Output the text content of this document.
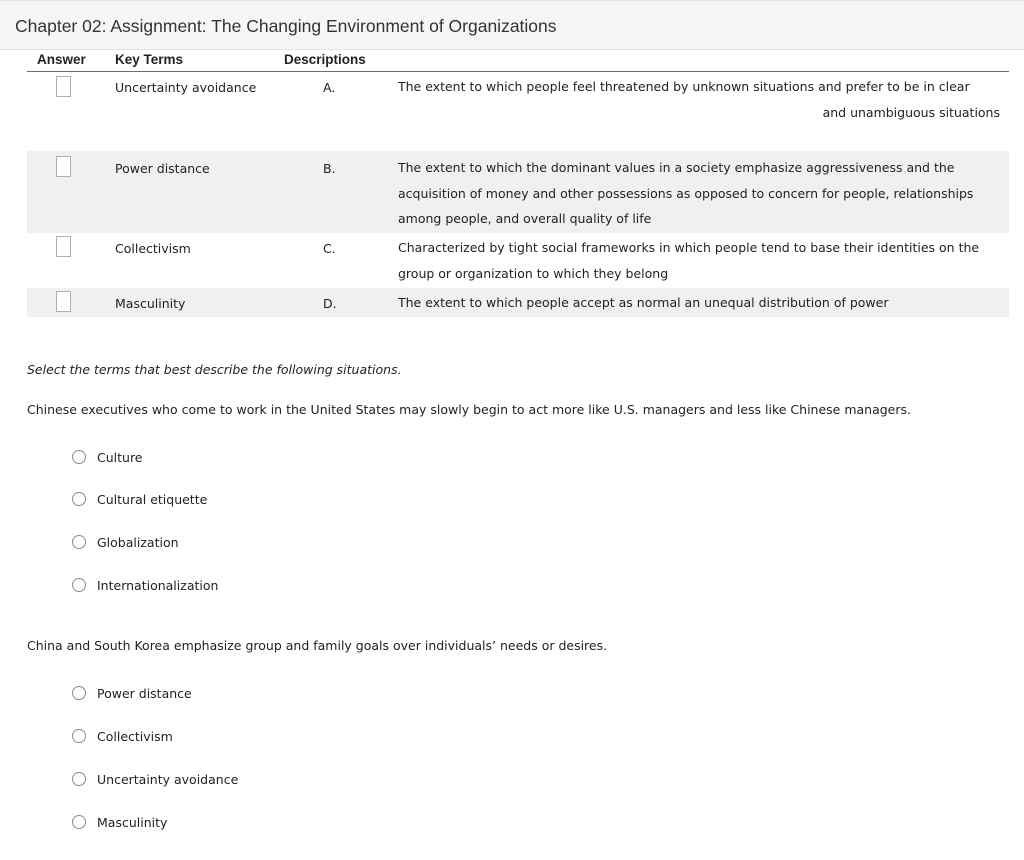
Chapter 02: Assignment: The Changing Environment of Organizations
Answer Key Terms	Descriptions
Uncertainty avoidance	A.	The extent to which people feel threatened by unknown situations and prefer to be in clear
and unambiguous situations
Power distance	B.	The extent to which the dominant values in a society emphasize aggressiveness and the acquisition of money and other possessions as opposed to concern for people, relationships among people, and overall quality of life
Collectivism	C.	Characterized by tight social frameworks in which people tend to base their identities on the group or organization to which they belong
Masculinity	D.	The extent to which people accept as normal an unequal distribution of power
Select the terms that best describe the following situations.
Chinese executives who come to work in the United States may slowly begin to act more like U.S. managers and less like Chinese managers.
Culture
Cultural etiquette
Globalization
Internationalization
China and South Korea emphasize group and family goals over individuals’ needs or desires.
Power distance
Collectivism
Uncertainty avoidance
Masculinity
